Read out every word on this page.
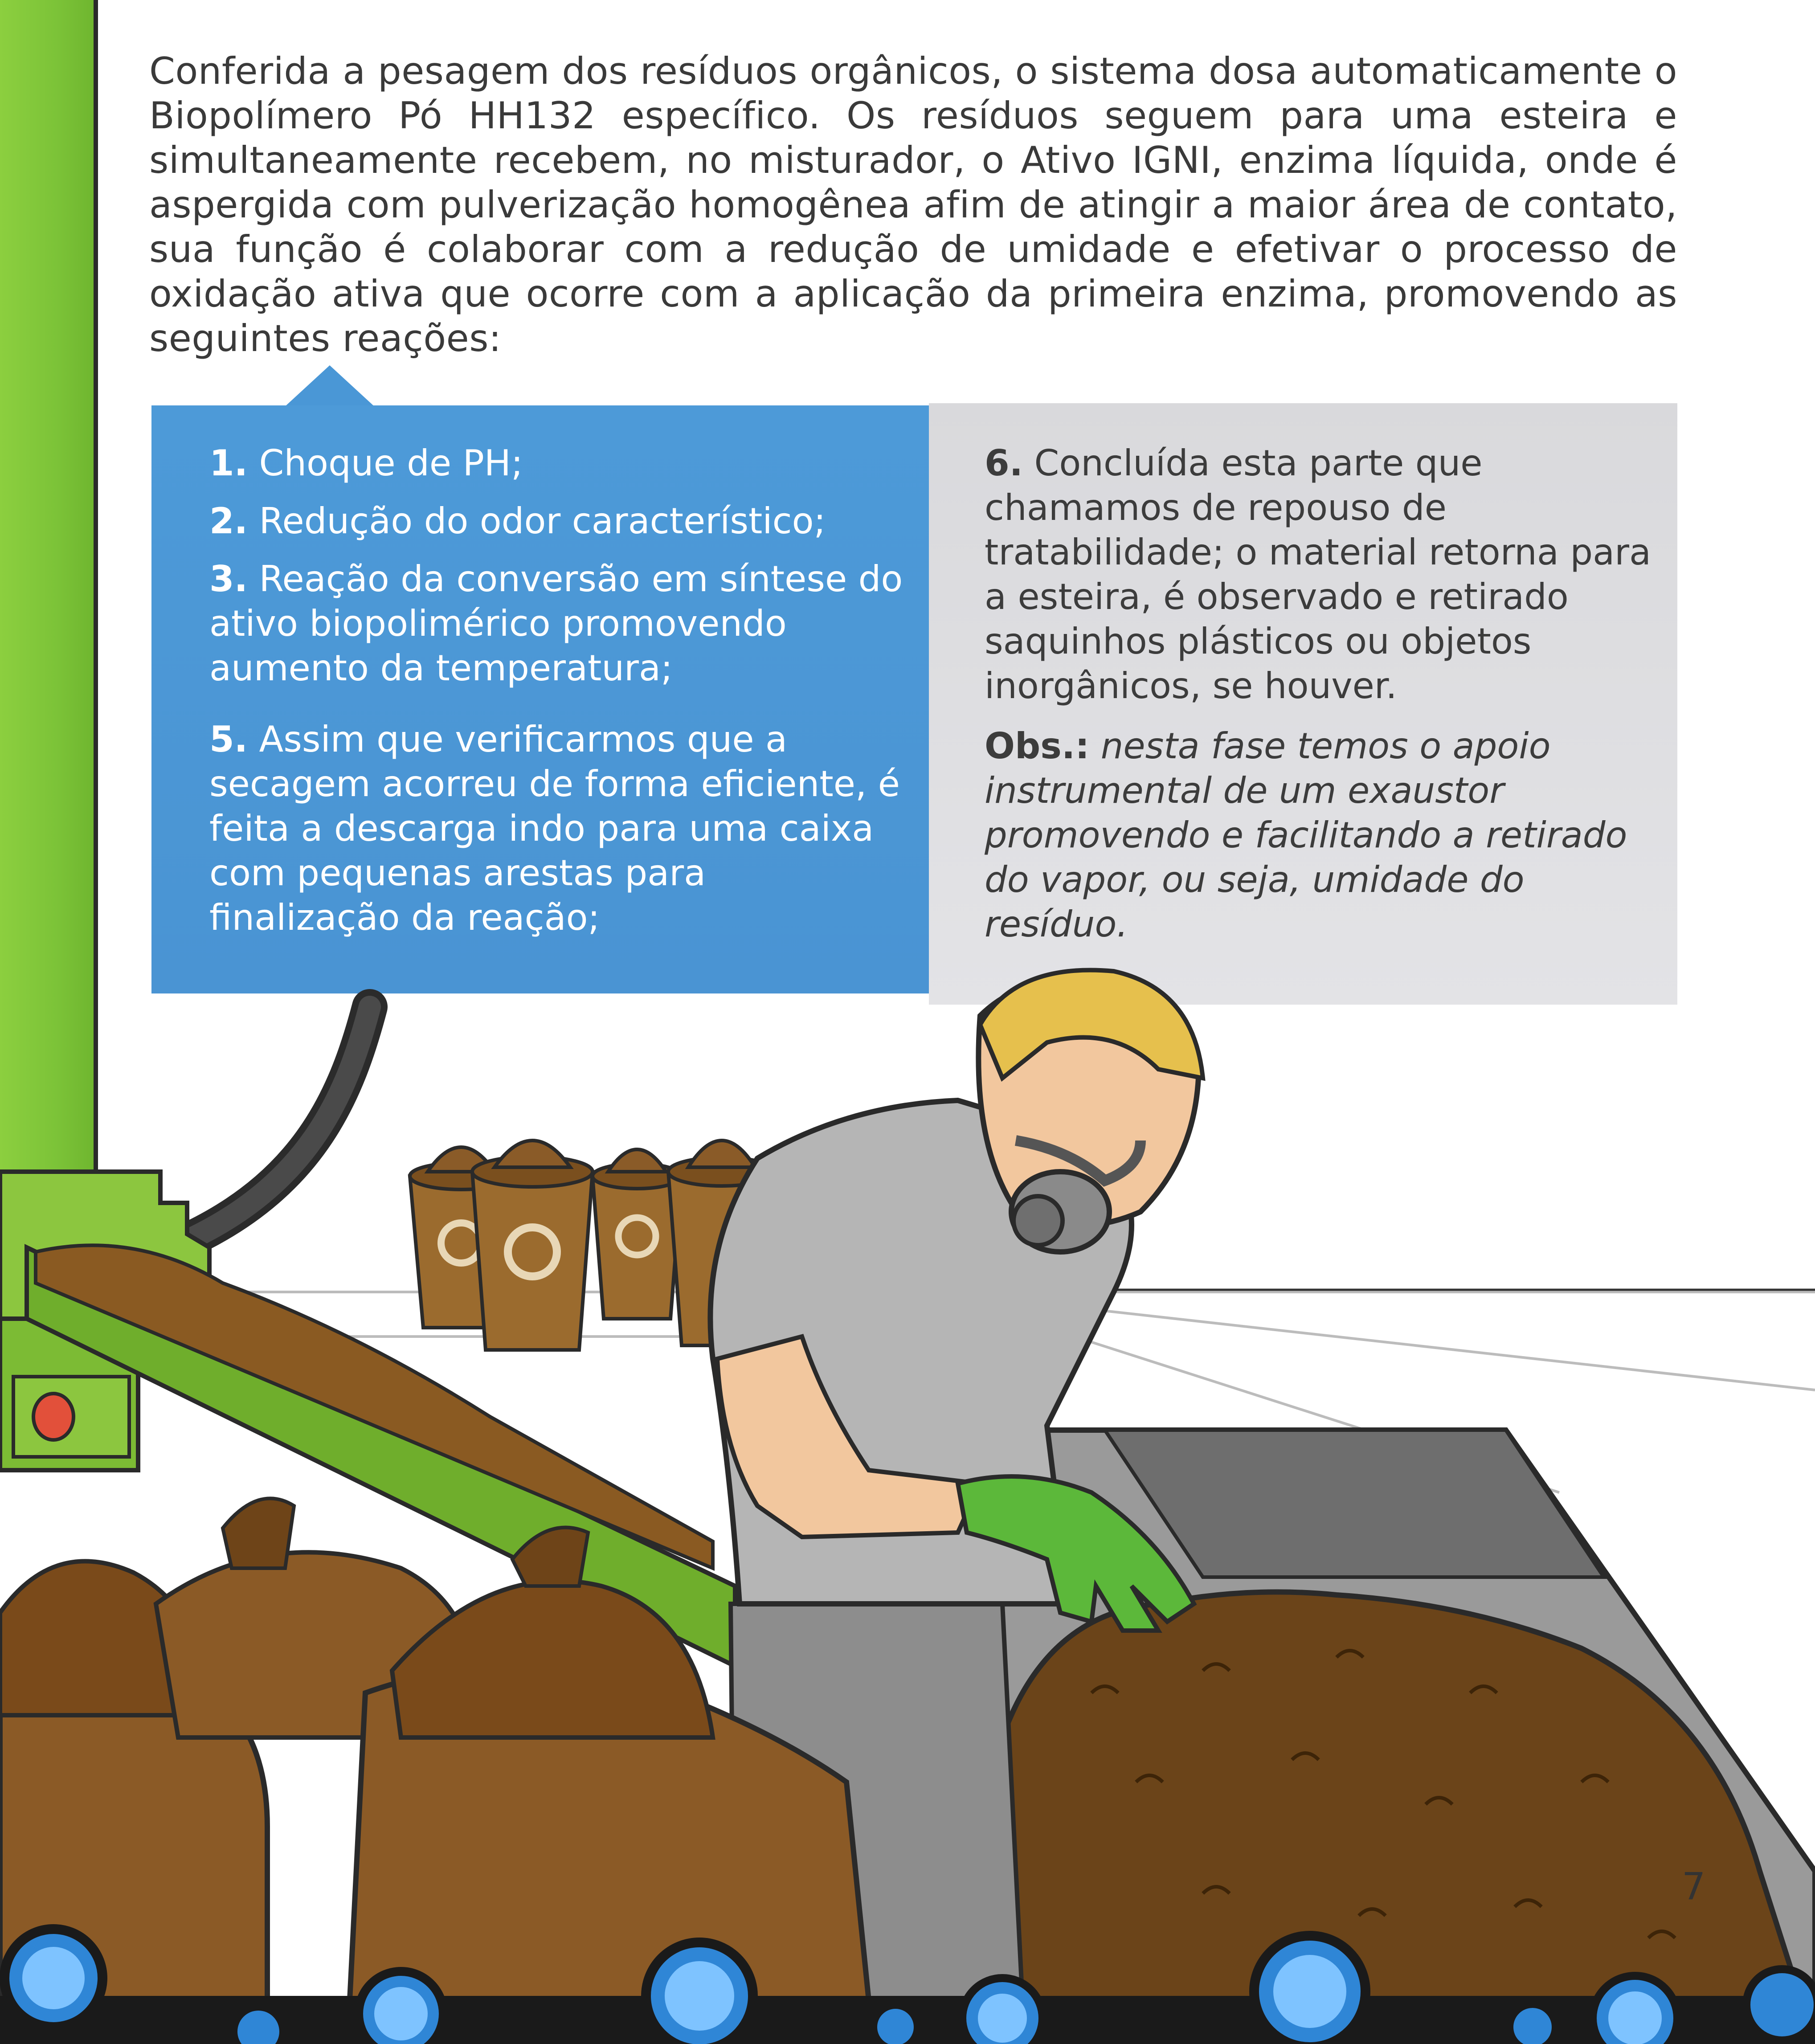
Conferida a pesagem dos resíduos orgânicos, o sistema dosa automaticamente o Biopolímero Pó HH132 específico. Os resíduos seguem para uma esteira e simultaneamente recebem, no misturador, o Ativo IGNI, enzima líquida, onde é aspergida com pulverização homogênea afim de atingir a maior área de contato, sua função é colaborar com a redução de umidade e efetivar o processo de oxidação ativa que ocorre com a aplicação da primeira enzima, promovendo as seguintes reações:

1. Choque de PH;
2. Redução do odor característico;
3. Reação da conversão em síntese do ativo biopolimérico promovendo aumento da temperatura;
5. Assim que verificarmos que a secagem acorreu de forma eficiente, é feita a descarga indo para uma caixa com pequenas arestas para finalização da reação;

6. Concluída esta parte que chamamos de repouso de tratabilidade; o material retorna para a esteira, é observado e retirado saquinhos plásticos ou objetos inorgânicos, se houver.

Obs.: nesta fase temos o apoio instrumental de um exaustor promovendo e facilitando a retirado do vapor, ou seja, umidade do resíduo.

7
